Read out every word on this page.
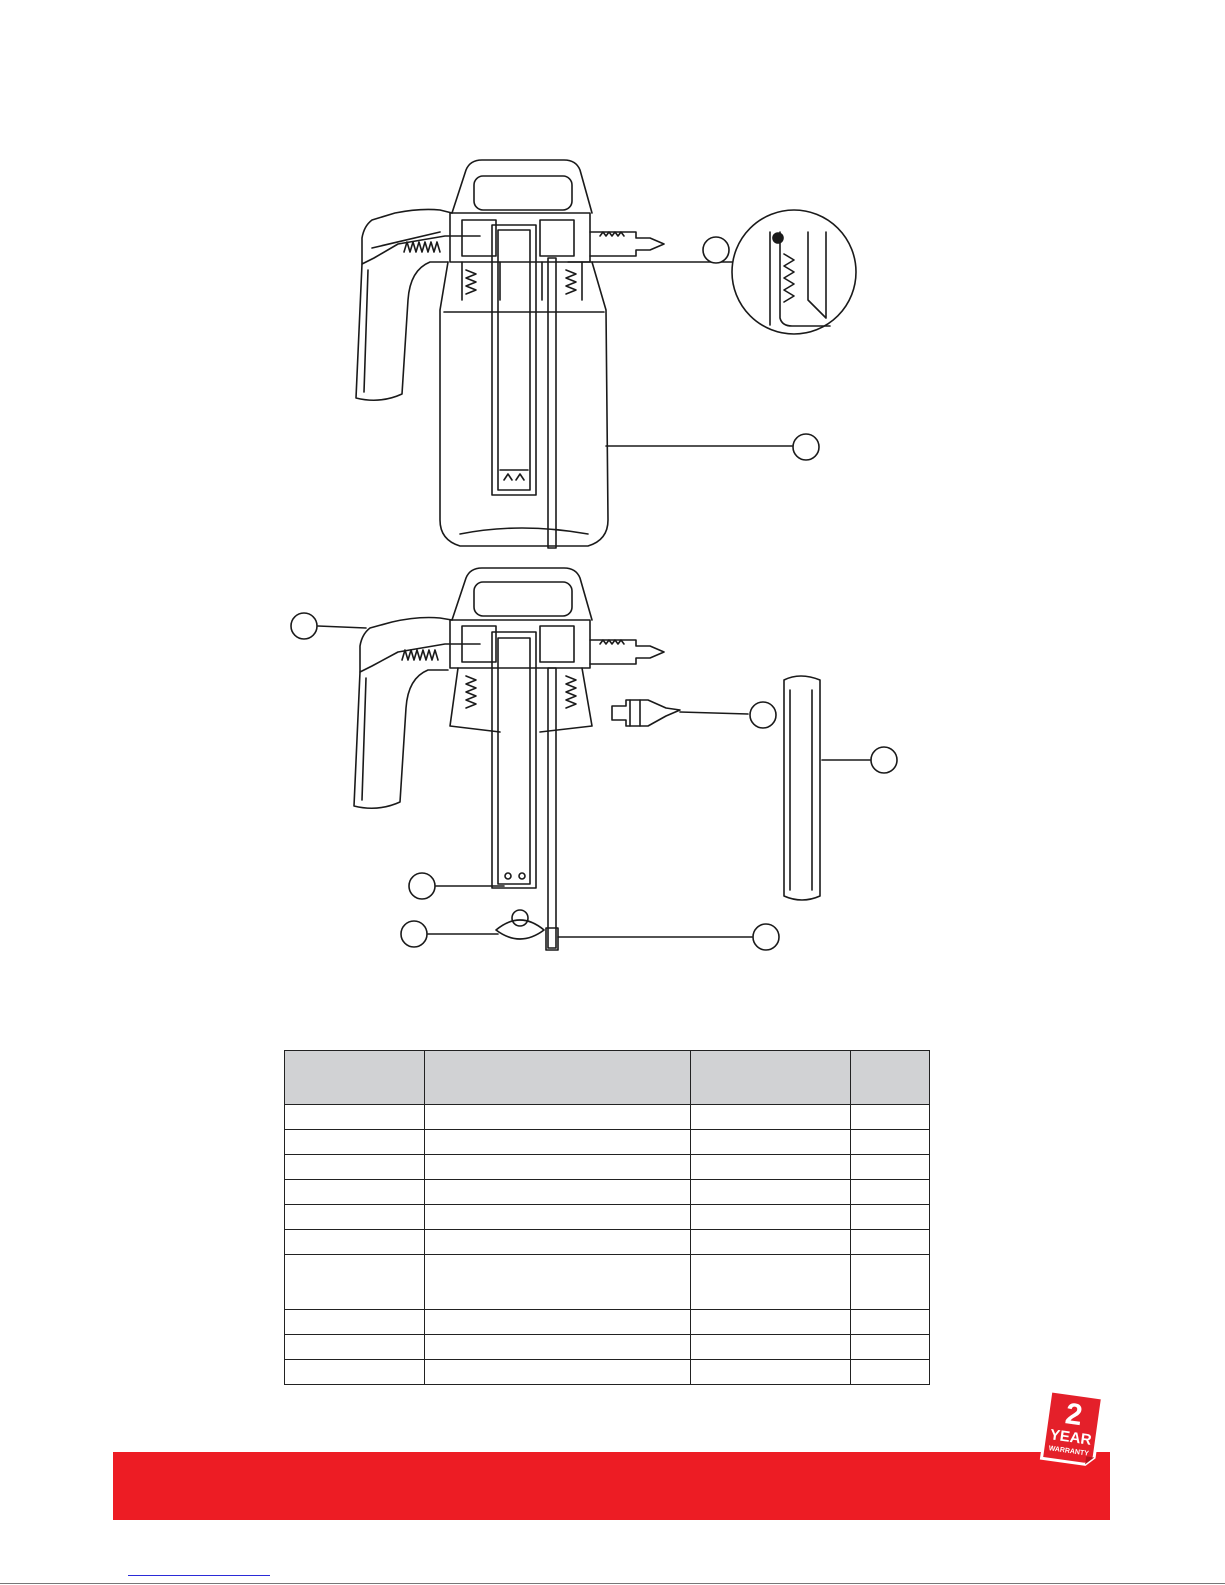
2
YEAR
WARRANTY
